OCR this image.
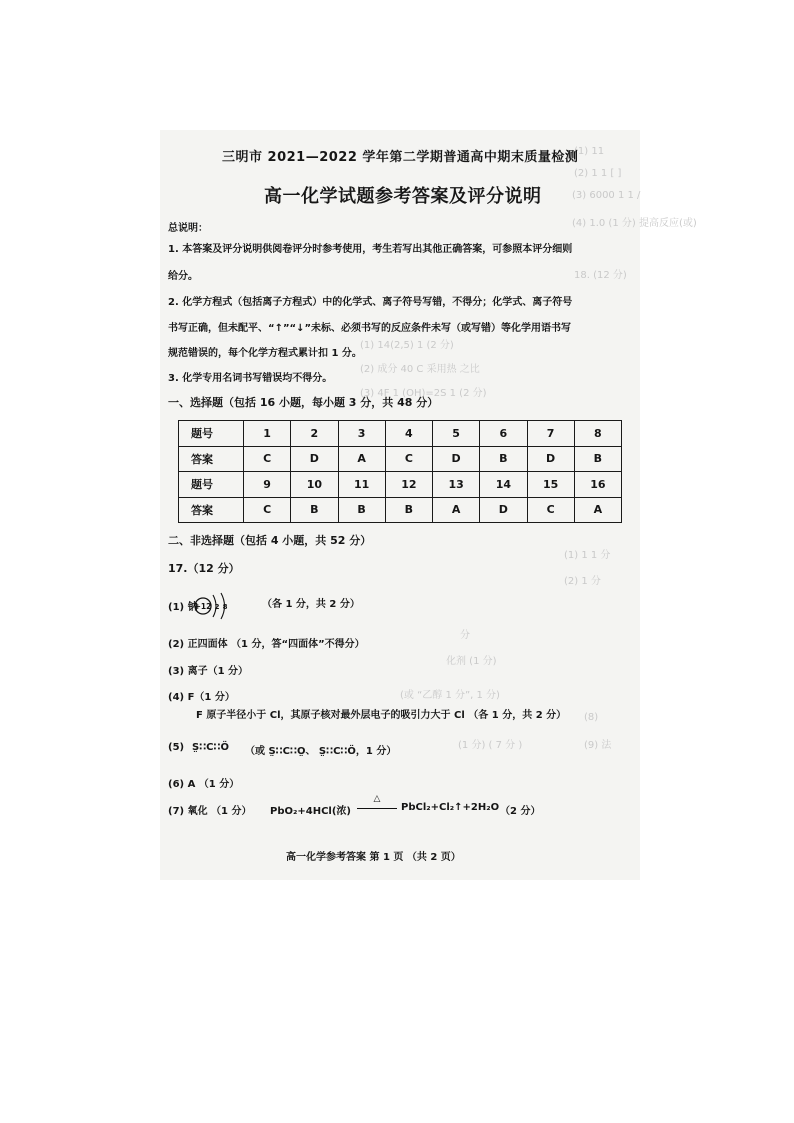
(1) 11
(2) 1 1 [ ]
(3) 6000 1 1 /
(4) 1.0 (1 分) 提高反应(或)
18. (12 分)
(1) 14(2,5) 1 (2 分)
(2) 成分 40 C 采用热 之比
(3) 4F 1 (OH)=2S 1 (2 分)
(1) 1 1 分
(2) 1 分
分
化剂 (1 分)
(或 “乙醇 1 分”, 1 分)
(8)
(1 分) ( 7 分 )	(9) 法
三明市 2021—2022 学年第二学期普通高中期末质量检测
高一化学试题参考答案及评分说明
总说明：
1. 本答案及评分说明供阅卷评分时参考使用，考生若写出其他正确答案，可参照本评分细则
给分。
2. 化学方程式（包括离子方程式）中的化学式、离子符号写错，不得分；化学式、离子符号
书写正确，但未配平、“↑”“↓”未标、必须书写的反应条件未写（或写错）等化学用语书写
规范错误的，每个化学方程式累计扣 1 分。
3. 化学专用名词书写错误均不得分。
一、选择题（包括 16 小题，每小题 3 分，共 48 分）
题号	1	2	3	4	5	6	7	8
答案	C	D	A	C	D	B	D	B
题号	9	10	11	12	13	14	15	16
答案	C	B	B	B	A	D	C	A
二、非选择题（包括 4 小题，共 52 分）
17.（12 分）
(1) 钠
+12 2 8	（各 1 分，共 2 分）
(2) 正四面体 （1 分，答“四面体”不得分）
(3) 离子（1 分）
(4) F（1 分）
F 原子半径小于 Cl，其原子核对最外层电子的吸引力大于 Cl （各 1 分，共 2 分）
(5) S̤∷C∷Ö （或 S̤∷C∷O̤、 S̤∷C∷Ö，1 分）
(6) A （1 分）
(7) 氧化 （1 分） PbO₂+4HCl(浓)
△
PbCl₂+Cl₂↑+2H₂O （2 分）
高一化学参考答案 第 1 页 （共 2 页）
